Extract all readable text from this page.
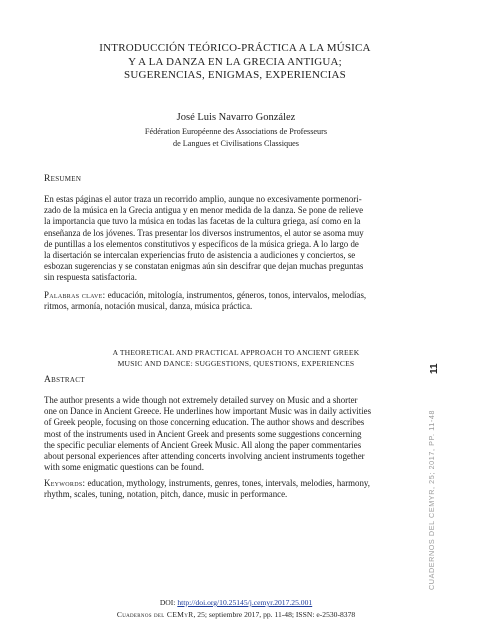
INTRODUCCIÓN TEÓRICO-PRÁCTICA A LA MÚSICA
Y A LA DANZA EN LA GRECIA ANTIGUA;
SUGERENCIAS, ENIGMAS, EXPERIENCIAS
José Luis Navarro González
Fédération Européenne des Associations de Professeurs
de Langues et Civilisations Classiques
Resumen
En estas páginas el autor traza un recorrido amplio, aunque no excesivamente pormenori-
zado de la música en la Grecia antigua y en menor medida de la danza. Se pone de relieve
la importancia que tuvo la música en todas las facetas de la cultura griega, así como en la
enseñanza de los jóvenes. Tras presentar los diversos instrumentos, el autor se asoma muy
de puntillas a los elementos constitutivos y específicos de la música griega. A lo largo de
la disertación se intercalan experiencias fruto de asistencia a audiciones y conciertos, se
esbozan sugerencias y se constatan enigmas aún sin descifrar que dejan muchas preguntas
sin respuesta satisfactoria.
Palabras clave: educación, mitología, instrumentos, géneros, tonos, intervalos, melodías,
ritmos, armonía, notación musical, danza, música práctica.
A THEORETICAL AND PRACTICAL APPROACH TO ANCIENT GREEK
MUSIC AND DANCE: SUGGESTIONS, QUESTIONS, EXPERIENCES
Abstract
The author presents a wide though not extremely detailed survey on Music and a shorter
one on Dance in Ancient Greece. He underlines how important Music was in daily activities
of Greek people, focusing on those concerning education. The author shows and describes
most of the instruments used in Ancient Greek and presents some suggestions concerning
the specific peculiar elements of Ancient Greek Music. All along the paper commentaries
about personal experiences after attending concerts involving ancient instruments together
with some enigmatic questions can be found.
Keywords: education, mythology, instruments, genres, tones, intervals, melodies, harmony,
rhythm, scales, tuning, notation, pitch, dance, music in performance.
11
CUADERNOS DEL CEMYR, 25; 2017, PP. 11-48
DOI: http://doi.org/10.25145/j.cemyr.2017.25.001
Cuadernos del CEMyR, 25; septiembre 2017, pp. 11-48; ISSN: e-2530-8378
